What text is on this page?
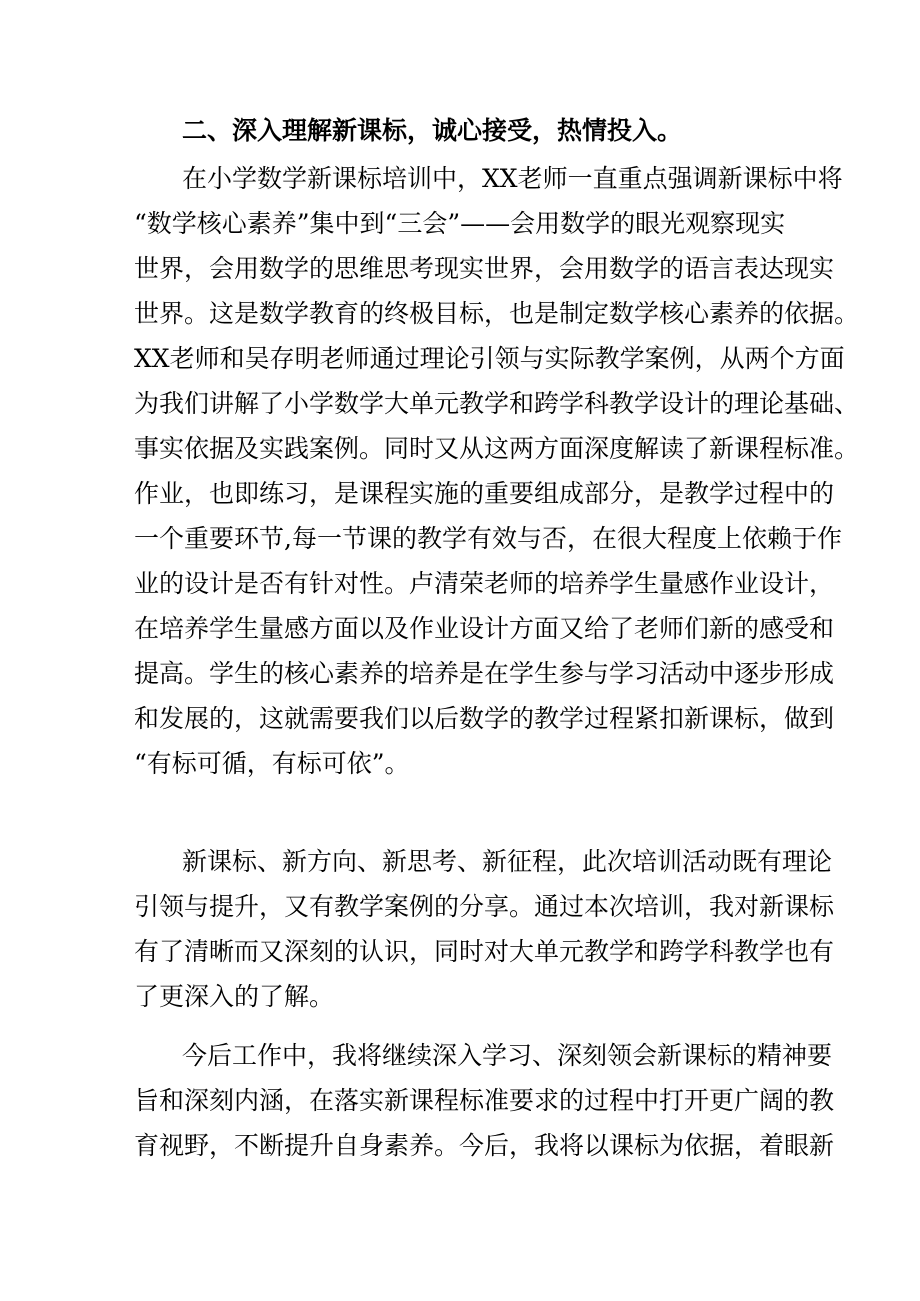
二、深入理解新课标，诚心接受，热情投入。
在小学数学新课标培训中，XX老师一直重点强调新课标中将
“数学核心素养”集中到“三会”——会用数学的眼光观察现实
世界，会用数学的思维思考现实世界，会用数学的语言表达现实
世界。这是数学教育的终极目标，也是制定数学核心素养的依据。
XX老师和吴存明老师通过理论引领与实际教学案例，从两个方面
为我们讲解了小学数学大单元教学和跨学科教学设计的理论基础、
事实依据及实践案例。同时又从这两方面深度解读了新课程标准。
作业，也即练习，是课程实施的重要组成部分，是教学过程中的
一个重要环节,每一节课的教学有效与否，在很大程度上依赖于作
业的设计是否有针对性。卢清荣老师的培养学生量感作业设计，
在培养学生量感方面以及作业设计方面又给了老师们新的感受和
提高。学生的核心素养的培养是在学生参与学习活动中逐步形成
和发展的，这就需要我们以后数学的教学过程紧扣新课标，做到
“有标可循，有标可依”。
新课标、新方向、新思考、新征程，此次培训活动既有理论
引领与提升，又有教学案例的分享。通过本次培训，我对新课标
有了清晰而又深刻的认识，同时对大单元教学和跨学科教学也有
了更深入的了解。
今后工作中，我将继续深入学习、深刻领会新课标的精神要
旨和深刻内涵，在落实新课程标准要求的过程中打开更广阔的教
育视野，不断提升自身素养。今后，我将以课标为依据，着眼新
